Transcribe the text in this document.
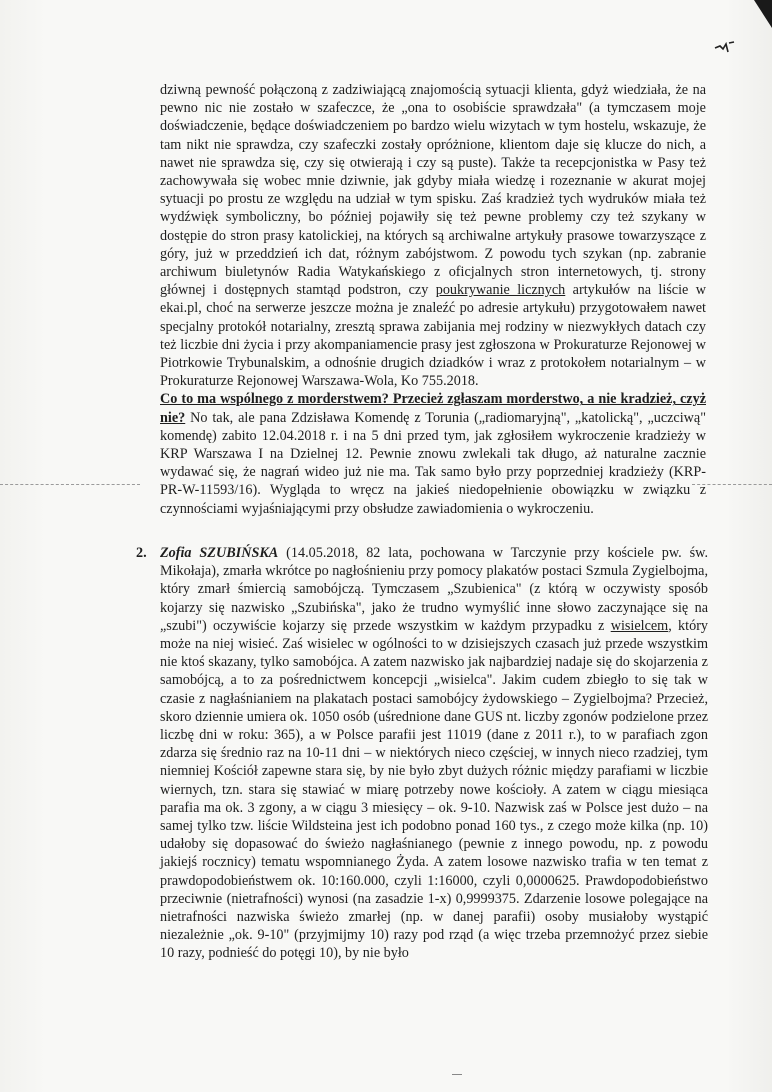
dziwną pewność połączoną z zadziwiającą znajomością sytuacji klienta, gdyż wiedziała, że na pewno nic nie zostało w szafeczce, że „ona to osobiście sprawdzała" (a tymczasem moje doświadczenie, będące doświadczeniem po bardzo wielu wizytach w tym hostelu, wskazuje, że tam nikt nie sprawdza, czy szafeczki zostały opróżnione, klientom daje się klucze do nich, a nawet nie sprawdza się, czy się otwierają i czy są puste). Także ta recepcjonistka w Pasy też zachowywała się wobec mnie dziwnie, jak gdyby miała wiedzę i rozeznanie w akurat mojej sytuacji po prostu ze względu na udział w tym spisku. Zaś kradzież tych wydruków miała też wydźwięk symboliczny, bo później pojawiły się też pewne problemy czy też szykany w dostępie do stron prasy katolickiej, na których są archiwalne artykuły prasowe towarzyszące z góry, już w przeddzień ich dat, różnym zabójstwom. Z powodu tych szykan (np. zabranie archiwum biuletynów Radia Watykańskiego z oficjalnych stron internetowych, tj. strony głównej i dostępnych stamtąd podstron, czy poukrywanie licznych artykułów na liście w ekai.pl, choć na serwerze jeszcze można je znaleźć po adresie artykułu) przygotowałem nawet specjalny protokół notarialny, zresztą sprawa zabijania mej rodziny w niezwykłych datach czy też liczbie dni życia i przy akompaniamencie prasy jest zgłoszona w Prokuraturze Rejonowej w Piotrkowie Trybunalskim, a odnośnie drugich dziadków i wraz z protokołem notarialnym – w Prokuraturze Rejonowej Warszawa-Wola, Ko 755.2018.
Co to ma wspólnego z morderstwem? Przecież zgłaszam morderstwo, a nie kradzież, czyż nie? No tak, ale pana Zdzisława Komendę z Torunia („radiomaryjną", „katolicką", „uczciwą" komendę) zabito 12.04.2018 r. i na 5 dni przed tym, jak zgłosiłem wykroczenie kradzieży w KRP Warszawa I na Dzielnej 12. Pewnie znowu zwlekali tak długo, aż naturalne zacznie wydawać się, że nagrań wideo już nie ma. Tak samo było przy poprzedniej kradzieży (KRP-PR-W-11593/16). Wygląda to wręcz na jakieś niedopełnienie obowiązku w związku z czynnościami wyjaśniającymi przy obsłudze zawiadomienia o wykroczeniu.

2. Zofia SZUBIŃSKA (14.05.2018, 82 lata, pochowana w Tarczynie przy kościele pw. św. Mikołaja), zmarła wkrótce po nagłośnieniu przy pomocy plakatów postaci Szmula Zygielbojma, który zmarł śmiercią samobójczą. Tymczasem „Szubienica" (z którą w oczywisty sposób kojarzy się nazwisko „Szubińska", jako że trudno wymyślić inne słowo zaczynające się na „szubi") oczywiście kojarzy się przede wszystkim w każdym przypadku z wisielcem, który może na niej wisieć. Zaś wisielec w ogólności to w dzisiejszych czasach już przede wszystkim nie ktoś skazany, tylko samobójca. A zatem nazwisko jak najbardziej nadaje się do skojarzenia z samobójcą, a to za pośrednictwem koncepcji „wisielca". Jakim cudem zbiegło to się tak w czasie z nagłaśnianiem na plakatach postaci samobójcy żydowskiego – Zygielbojma? Przecież, skoro dziennie umiera ok. 1050 osób (uśrednione dane GUS nt. liczby zgonów podzielone przez liczbę dni w roku: 365), a w Polsce parafii jest 11019 (dane z 2011 r.), to w parafiach zgon zdarza się średnio raz na 10-11 dni – w niektórych nieco częściej, w innych nieco rzadziej, tym niemniej Kościół zapewne stara się, by nie było zbyt dużych różnic między parafiami w liczbie wiernych, tzn. stara się stawiać w miarę potrzeby nowe kościoły. A zatem w ciągu miesiąca parafia ma ok. 3 zgony, a w ciągu 3 miesięcy – ok. 9-10. Nazwisk zaś w Polsce jest dużo – na samej tylko tzw. liście Wildsteina jest ich podobno ponad 160 tys., z czego może kilka (np. 10) udałoby się dopasować do świeżo nagłaśnianego (pewnie z innego powodu, np. z powodu jakiejś rocznicy) tematu wspomnianego Żyda. A zatem losowe nazwisko trafia w ten temat z prawdopodobieństwem ok. 10:160.000, czyli 1:16000, czyli 0,0000625. Prawdopodobieństwo przeciwnie (nietrafności) wynosi (na zasadzie 1-x) 0,9999375. Zdarzenie losowe polegające na nietrafności nazwiska świeżo zmarłej (np. w danej parafii) osoby musiałoby wystąpić niezależnie „ok. 9-10" (przyjmijmy 10) razy pod rząd (a więc trzeba przemnożyć przez siebie 10 razy, podnieść do potęgi 10), by nie było
